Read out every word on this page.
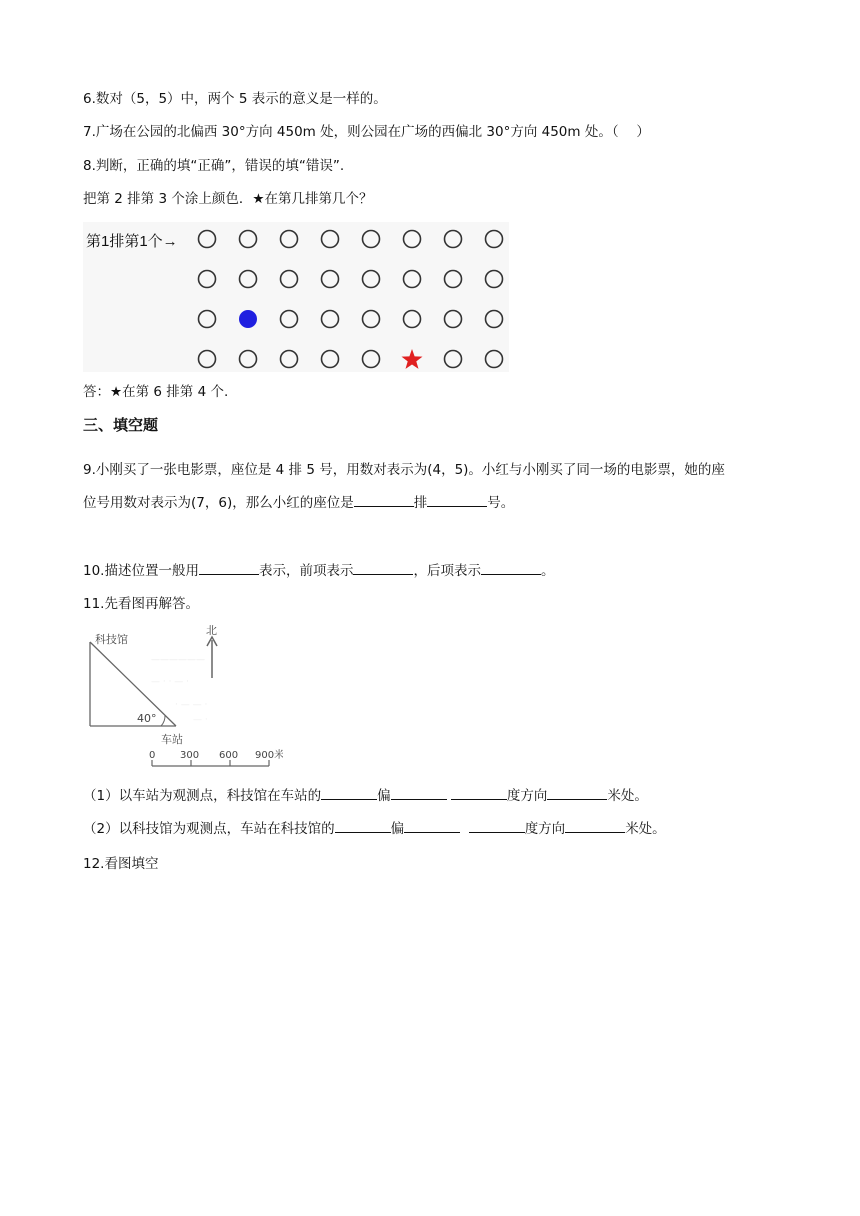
6.数对（5，5）中，两个 5 表示的意义是一样的。
7.广场在公园的北偏西 30°方向 450m 处，则公园在广场的西偏北 30°方向 450m 处。（　 ）
8.判断，正确的填“正确”，错误的填“错误”.
把第 2 排第 3 个涂上颜色．★在第几排第几个？
第1排第1个→
答：★在第 6 排第 4 个.
三、填空题
9.小刚买了一张电影票，座位是 4 排 5 号，用数对表示为(4，5)。小红与小刚买了同一场的电影票，她的座
位号用数对表示为(7，6)，那么小红的座位是	排	号。
10.描述位置一般用	表示，前项表示	，后项表示	。
11.先看图再解答。
——————
— · · — ·
· — — ·
— ·
40°
科技馆
车站
北
0 300 600 900米
（1）以车站为观测点，科技馆在车站的	偏	度方向	米处。
（2）以科技馆为观测点，车站在科技馆的	偏	度方向	米处。
12.看图填空
